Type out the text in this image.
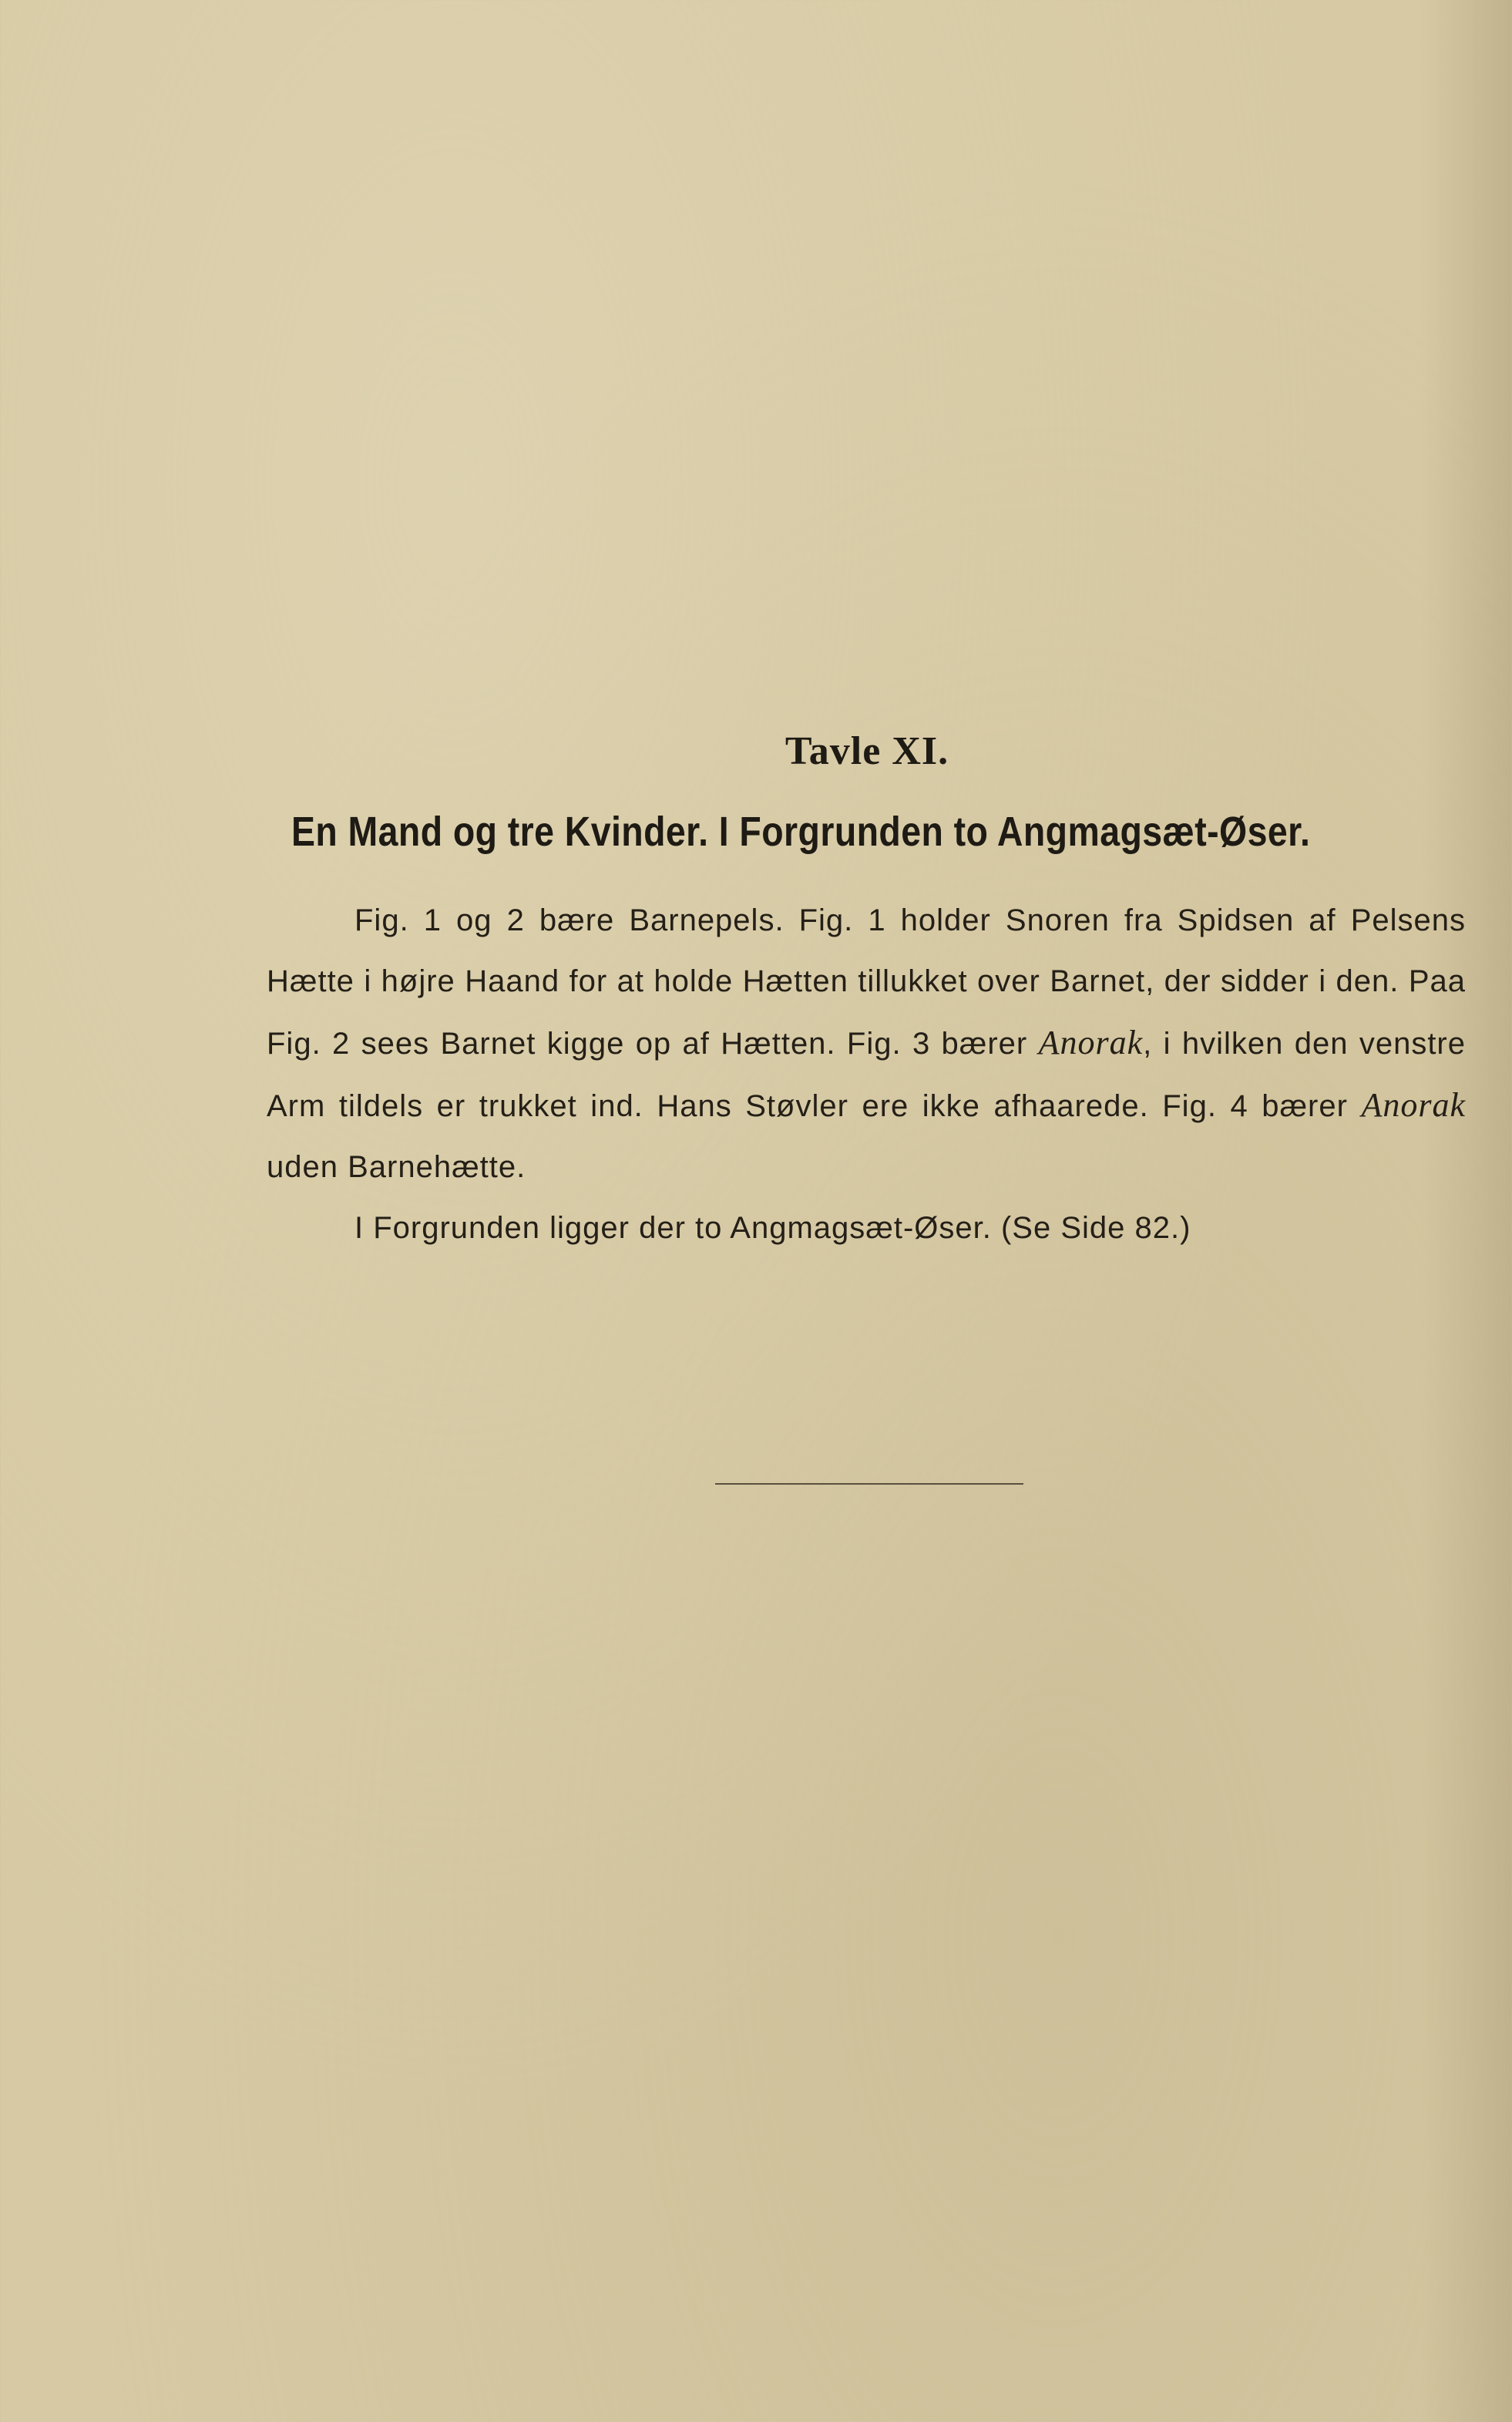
Tavle XI.
En Mand og tre Kvinder. I Forgrunden to Angmagsæt-Øser.

Fig. 1 og 2 bære Barnepels. Fig. 1 holder Snoren fra Spidsen af Pelsens Hætte i højre Haand for at holde Hætten tillukket over Barnet, der sidder i den. Paa Fig. 2 sees Barnet kigge op af Hætten. Fig. 3 bærer Anorak, i hvilken den venstre Arm tildels er trukket ind. Hans Støvler ere ikke afhaarede. Fig. 4 bærer Anorak uden Barnehætte.

I Forgrunden ligger der to Angmagsæt-Øser. (Se Side 82.)
